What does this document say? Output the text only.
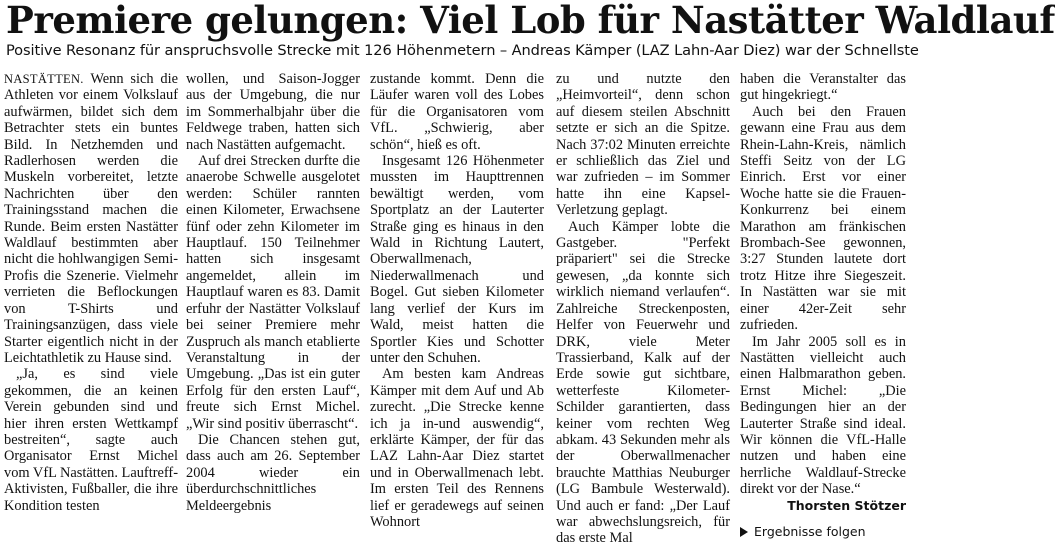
Premiere gelungen: Viel Lob für Nastätter Waldlauf
Positive Resonanz für anspruchsvolle Strecke mit 126 Höhenmetern – Andreas Kämper (LAZ Lahn-Aar Diez) war der Schnellste

NASTÄTTEN. Wenn sich die Athleten vor einem Volkslauf aufwärmen, bildet sich dem Betrachter stets ein buntes Bild. In Netzhemden und Radlerhosen werden die Muskeln vorbereitet, letzte Nachrichten über den Trainingsstand machen die Runde. Beim ersten Nastätter Waldlauf bestimmten aber nicht die hohlwangigen Semi-Profis die Szenerie. Vielmehr verrieten die Beflockungen von T-Shirts und Trainingsanzügen, dass viele Starter eigentlich nicht in der Leichtathletik zu Hause sind.

„Ja, es sind viele gekommen, die an keinen Verein gebunden sind und hier ihren ersten Wettkampf bestreiten“, sagte auch Organisator Ernst Michel vom VfL Nastätten. Lauftreff-Aktivisten, Fußballer, die ihre Kondition testen

wollen, und Saison-Jogger aus der Umgebung, die nur im Sommerhalbjahr über die Feldwege traben, hatten sich nach Nastätten aufgemacht.

Auf drei Strecken durfte die anaerobe Schwelle ausgelotet werden: Schüler rannten einen Kilometer, Erwachsene fünf oder zehn Kilometer im Hauptlauf. 150 Teilnehmer hatten sich insgesamt angemeldet, allein im Hauptlauf waren es 83. Damit erfuhr der Nastätter Volkslauf bei seiner Premiere mehr Zuspruch als manch etablierte Veranstaltung in der Umgebung. „Das ist ein guter Erfolg für den ersten Lauf“, freute sich Ernst Michel. „Wir sind positiv überrascht“.

Die Chancen stehen gut, dass auch am 26. September 2004 wieder ein überdurchschnittliches Meldeergebnis

zustande kommt. Denn die Läufer waren voll des Lobes für die Organisatoren vom VfL. „Schwierig, aber schön“, hieß es oft.

Insgesamt 126 Höhenmeter mussten im Haupttrennen bewältigt werden, vom Sportplatz an der Lauterter Straße ging es hinaus in den Wald in Richtung Lautert, Oberwallmenach, Niederwallmenach und Bogel. Gut sieben Kilometer lang verlief der Kurs im Wald, meist hatten die Sportler Kies und Schotter unter den Schuhen.

Am besten kam Andreas Kämper mit dem Auf und Ab zurecht. „Die Strecke kenne ich ja in-und auswendig“, erklärte Kämper, der für das LAZ Lahn-Aar Diez startet und in Oberwallmenach lebt. Im ersten Teil des Rennens lief er geradewegs auf seinen Wohnort

zu und nutzte den „Heimvorteil“, denn schon auf diesem steilen Abschnitt setzte er sich an die Spitze. Nach 37:02 Minuten erreichte er schließlich das Ziel und war zufrieden – im Sommer hatte ihn eine Kapsel-Verletzung geplagt.

Auch Kämper lobte die Gastgeber. "Perfekt präpariert" sei die Strecke gewesen, „da konnte sich wirklich niemand verlaufen“. Zahlreiche Streckenposten, Helfer von Feuerwehr und DRK, viele Meter Trassierband, Kalk auf der Erde sowie gut sichtbare, wetterfeste Kilometer-Schilder garantierten, dass keiner vom rechten Weg abkam. 43 Sekunden mehr als der Oberwallmenacher brauchte Matthias Neuburger (LG Bambule Westerwald). Und auch er fand: „Der Lauf war abwechslungsreich, für das erste Mal

haben die Veranstalter das gut hingekriegt.“

Auch bei den Frauen gewann eine Frau aus dem Rhein-Lahn-Kreis, nämlich Steffi Seitz von der LG Einrich. Erst vor einer Woche hatte sie die Frauen-Konkurrenz bei einem Marathon am fränkischen Brombach-See gewonnen, 3:27 Stunden lautete dort trotz Hitze ihre Siegeszeit. In Nastätten war sie mit einer 42er-Zeit sehr zufrieden.

Im Jahr 2005 soll es in Nastätten vielleicht auch einen Halbmarathon geben. Ernst Michel: „Die Bedingungen hier an der Lauterter Straße sind ideal. Wir können die VfL-Halle nutzen und haben eine herrliche Waldlauf-Strecke direkt vor der Nase.“

Thorsten Stötzer
Ergebnisse folgen
